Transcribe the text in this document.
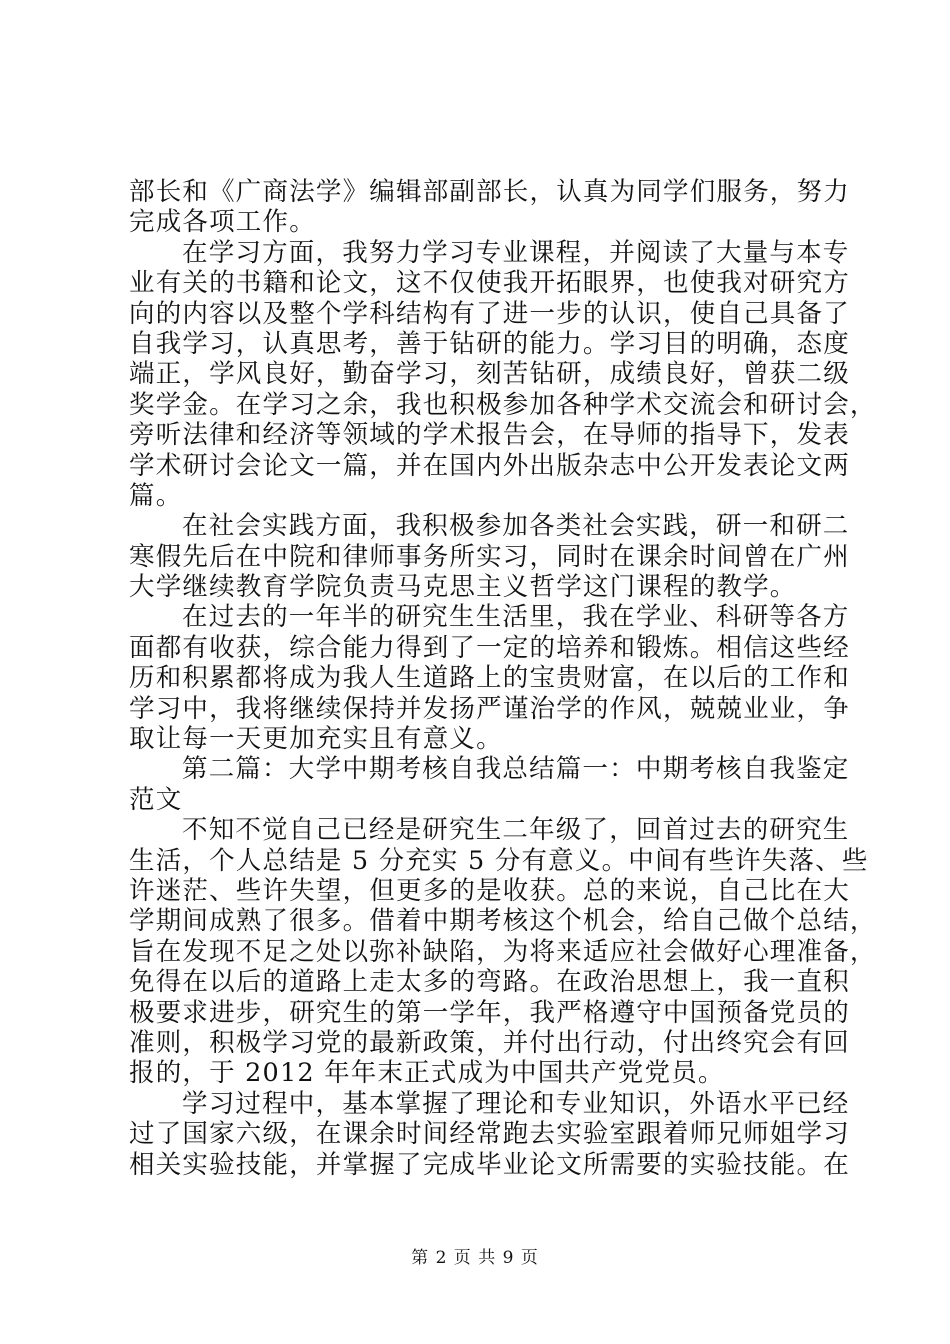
部长和《广商法学》编辑部副部长，认真为同学们服务，努力
完成各项工作。
在学习方面，我努力学习专业课程，并阅读了大量与本专
业有关的书籍和论文，这不仅使我开拓眼界，也使我对研究方
向的内容以及整个学科结构有了进一步的认识，使自己具备了
自我学习，认真思考，善于钻研的能力。学习目的明确，态度
端正，学风良好，勤奋学习，刻苦钻研，成绩良好，曾获二级
奖学金。在学习之余，我也积极参加各种学术交流会和研讨会，
旁听法律和经济等领域的学术报告会，在导师的指导下，发表
学术研讨会论文一篇，并在国内外出版杂志中公开发表论文两
篇。
在社会实践方面，我积极参加各类社会实践，研一和研二
寒假先后在中院和律师事务所实习，同时在课余时间曾在广州
大学继续教育学院负责马克思主义哲学这门课程的教学。
在过去的一年半的研究生生活里，我在学业、科研等各方
面都有收获，综合能力得到了一定的培养和锻炼。相信这些经
历和积累都将成为我人生道路上的宝贵财富，在以后的工作和
学习中，我将继续保持并发扬严谨治学的作风，兢兢业业，争
取让每一天更加充实且有意义。
第二篇：大学中期考核自我总结篇一：中期考核自我鉴定
范文
不知不觉自己已经是研究生二年级了，回首过去的研究生
生活，个人总结是 5 分充实 5 分有意义。中间有些许失落、些
许迷茫、些许失望，但更多的是收获。总的来说，自己比在大
学期间成熟了很多。借着中期考核这个机会，给自己做个总结，
旨在发现不足之处以弥补缺陷，为将来适应社会做好心理准备，
免得在以后的道路上走太多的弯路。在政治思想上，我一直积
极要求进步，研究生的第一学年，我严格遵守中国预备党员的
准则，积极学习党的最新政策，并付出行动，付出终究会有回
报的，于 2012 年年末正式成为中国共产党党员。
学习过程中，基本掌握了理论和专业知识，外语水平已经
过了国家六级，在课余时间经常跑去实验室跟着师兄师姐学习
相关实验技能，并掌握了完成毕业论文所需要的实验技能。在
第 2 页 共 9 页
